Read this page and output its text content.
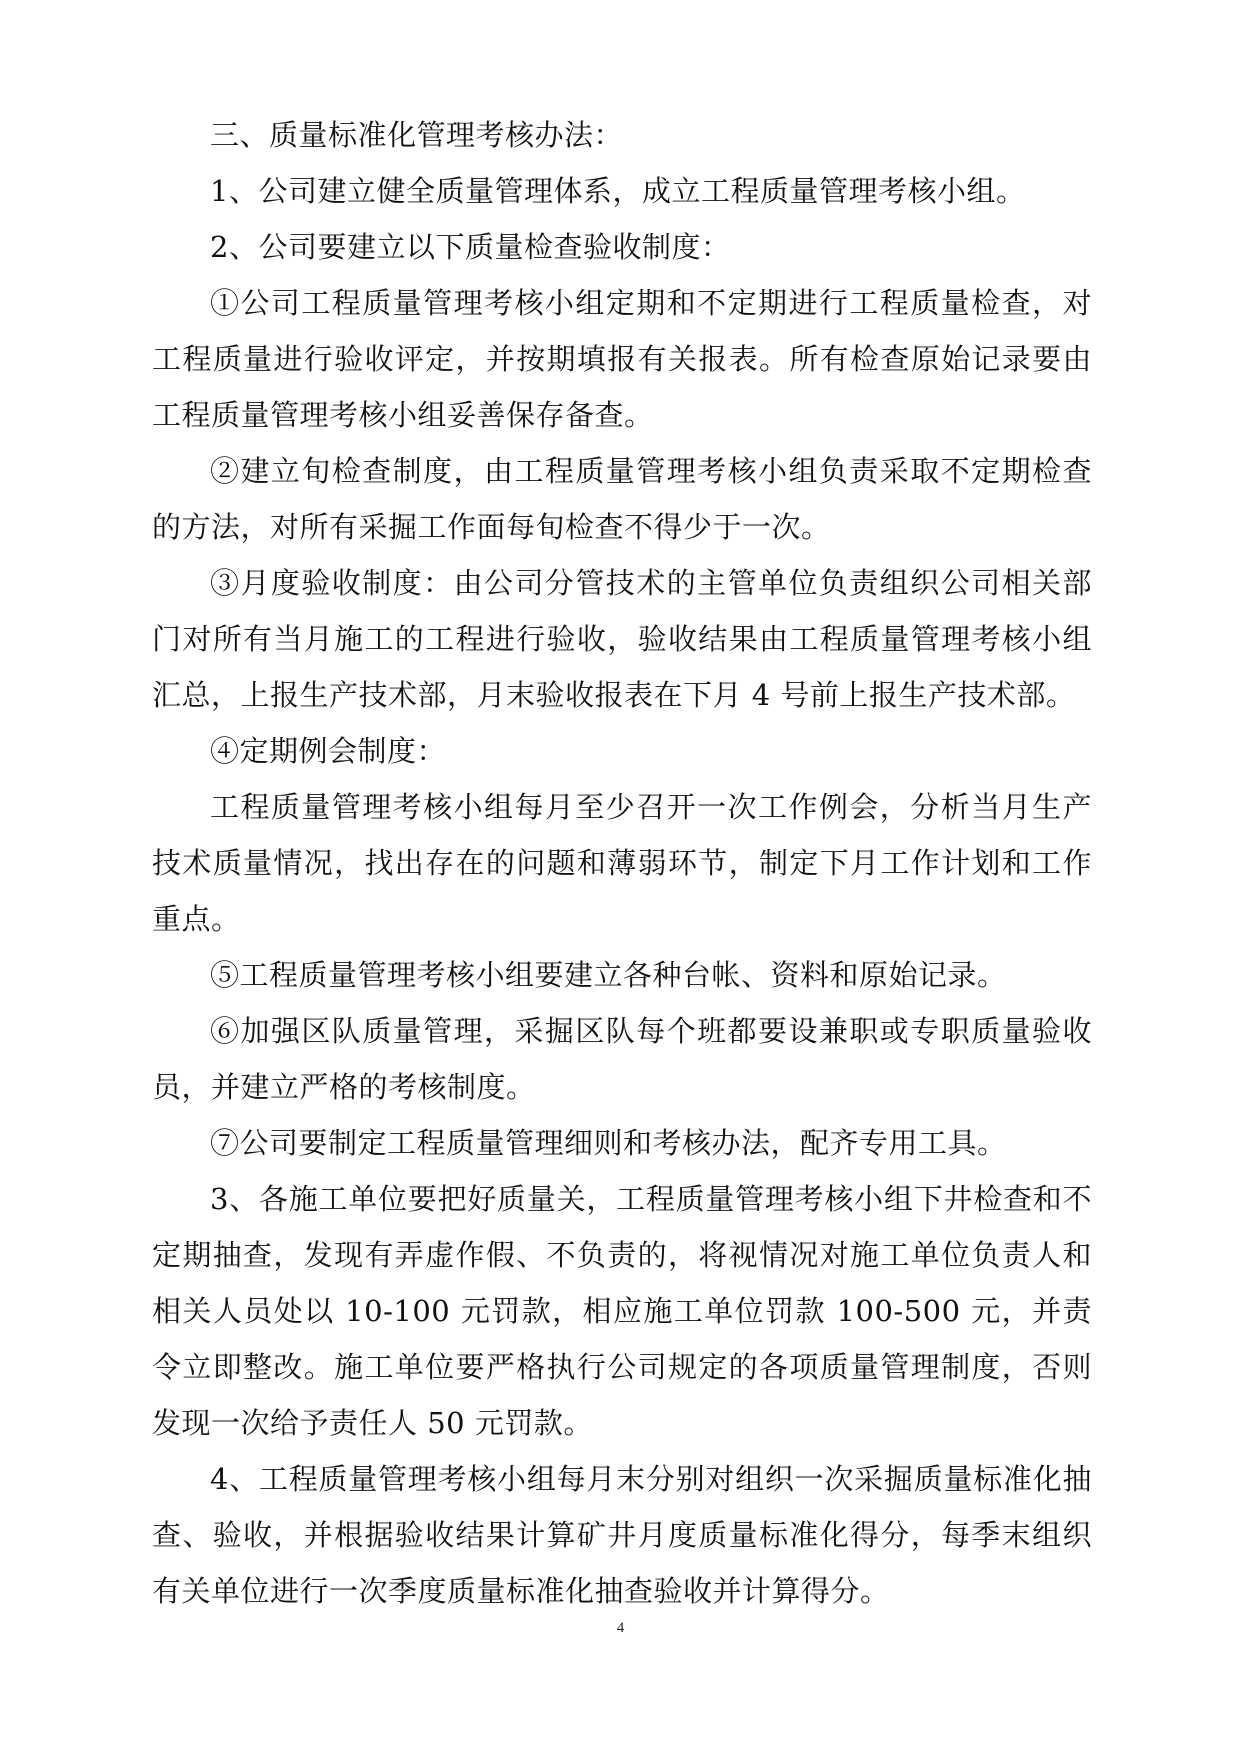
三、质量标准化管理考核办法：

1、公司建立健全质量管理体系，成立工程质量管理考核小组。

2、公司要建立以下质量检查验收制度：

①公司工程质量管理考核小组定期和不定期进行工程质量检查，对工程质量进行验收评定，并按期填报有关报表。所有检查原始记录要由工程质量管理考核小组妥善保存备查。

②建立旬检查制度，由工程质量管理考核小组负责采取不定期检查的方法，对所有采掘工作面每旬检查不得少于一次。

③月度验收制度：由公司分管技术的主管单位负责组织公司相关部门对所有当月施工的工程进行验收，验收结果由工程质量管理考核小组汇总，上报生产技术部，月末验收报表在下月 4 号前上报生产技术部。

④定期例会制度：

工程质量管理考核小组每月至少召开一次工作例会，分析当月生产技术质量情况，找出存在的问题和薄弱环节，制定下月工作计划和工作重点。

⑤工程质量管理考核小组要建立各种台帐、资料和原始记录。

⑥加强区队质量管理，采掘区队每个班都要设兼职或专职质量验收员，并建立严格的考核制度。

⑦公司要制定工程质量管理细则和考核办法，配齐专用工具。

3、各施工单位要把好质量关，工程质量管理考核小组下井检查和不定期抽查，发现有弄虚作假、不负责的，将视情况对施工单位负责人和相关人员处以 10-100 元罚款，相应施工单位罚款 100-500 元，并责令立即整改。施工单位要严格执行公司规定的各项质量管理制度，否则发现一次给予责任人 50 元罚款。

4、工程质量管理考核小组每月末分别对组织一次采掘质量标准化抽查、验收，并根据验收结果计算矿井月度质量标准化得分，每季末组织有关单位进行一次季度质量标准化抽查验收并计算得分。

4
